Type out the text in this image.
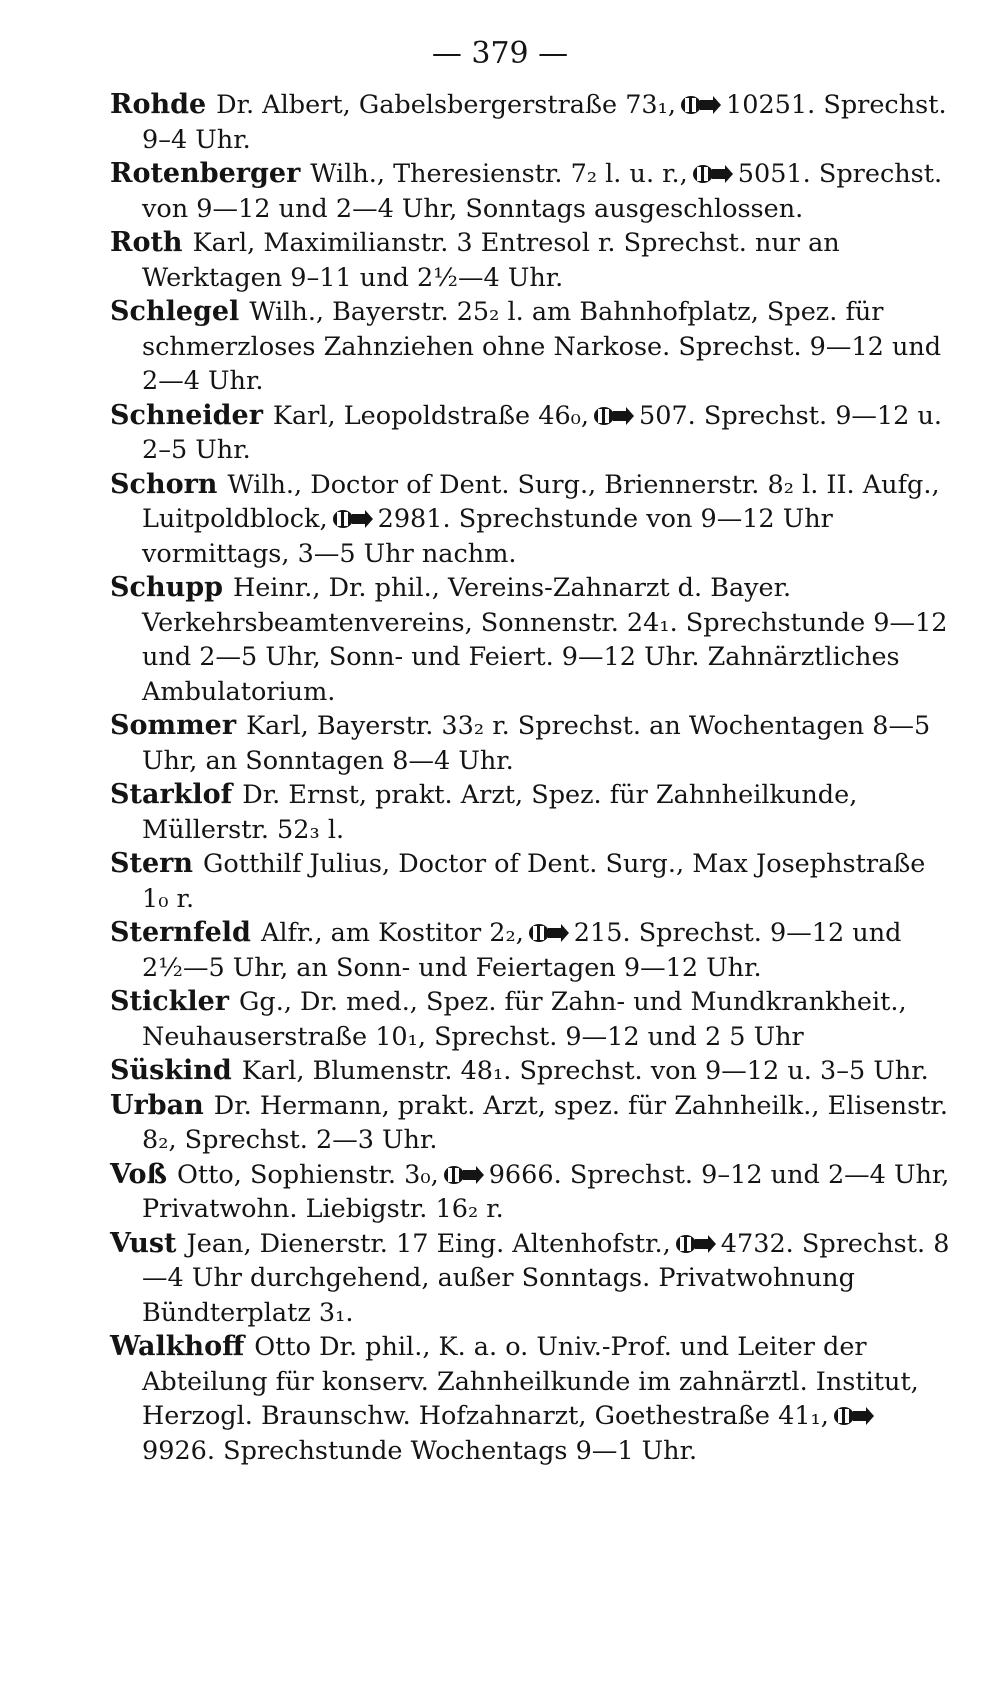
— 379 —

Rohde Dr. Albert, Gabelsbergerstraße 73₁, 10251. Sprechst. 9–4 Uhr.

Rotenberger Wilh., Theresienstr. 7₂ l. u. r., 5051. Sprechst. von 9—12 und 2—4 Uhr, Sonntags ausgeschlossen.

Roth Karl, Maximilianstr. 3 Entresol r. Sprechst. nur an Werktagen 9–11 und 2½—4 Uhr.

Schlegel Wilh., Bayerstr. 25₂ l. am Bahnhofplatz, Spez. für schmerzloses Zahnziehen ohne Narkose. Sprechst. 9—12 und 2—4 Uhr.

Schneider Karl, Leopoldstraße 46₀, 507. Sprechst. 9—12 u. 2–5 Uhr.

Schorn Wilh., Doctor of Dent. Surg., Briennerstr. 8₂ l. II. Aufg., Luitpoldblock, 2981. Sprechstunde von 9—12 Uhr vormittags, 3—5 Uhr nachm.

Schupp Heinr., Dr. phil., Vereins-Zahnarzt d. Bayer. Verkehrsbeamtenvereins, Sonnenstr. 24₁. Sprechstunde 9—12 und 2—5 Uhr, Sonn- und Feiert. 9—12 Uhr. Zahnärztliches Ambulatorium.

Sommer Karl, Bayerstr. 33₂ r. Sprechst. an Wochentagen 8—5 Uhr, an Sonntagen 8—4 Uhr.

Starklof Dr. Ernst, prakt. Arzt, Spez. für Zahnheilkunde, Müllerstr. 52₃ l.

Stern Gotthilf Julius, Doctor of Dent. Surg., Max Josephstraße 1₀ r.

Sternfeld Alfr., am Kostitor 2₂, 215. Sprechst. 9—12 und 2½—5 Uhr, an Sonn- und Feiertagen 9—12 Uhr.

Stickler Gg., Dr. med., Spez. für Zahn- und Mundkrankheit., Neuhauserstraße 10₁, Sprechst. 9—12 und 2 5 Uhr

Süskind Karl, Blumenstr. 48₁. Sprechst. von 9—12 u. 3–5 Uhr.

Urban Dr. Hermann, prakt. Arzt, spez. für Zahnheilk., Elisenstr. 8₂, Sprechst. 2—3 Uhr.

Voß Otto, Sophienstr. 3₀, 9666. Sprechst. 9–12 und 2—4 Uhr, Privatwohn. Liebigstr. 16₂ r.

Vust Jean, Dienerstr. 17 Eing. Altenhofstr., 4732. Sprechst. 8—4 Uhr durchgehend, außer Sonntags. Privatwohnung Bündterplatz 3₁.

Walkhoff Otto Dr. phil., K. a. o. Univ.-Prof. und Leiter der Abteilung für konserv. Zahnheilkunde im zahnärztl. Institut, Herzogl. Braunschw. Hofzahnarzt, Goethestraße 41₁,
9926. Sprechstunde Wochentags 9—1 Uhr.
